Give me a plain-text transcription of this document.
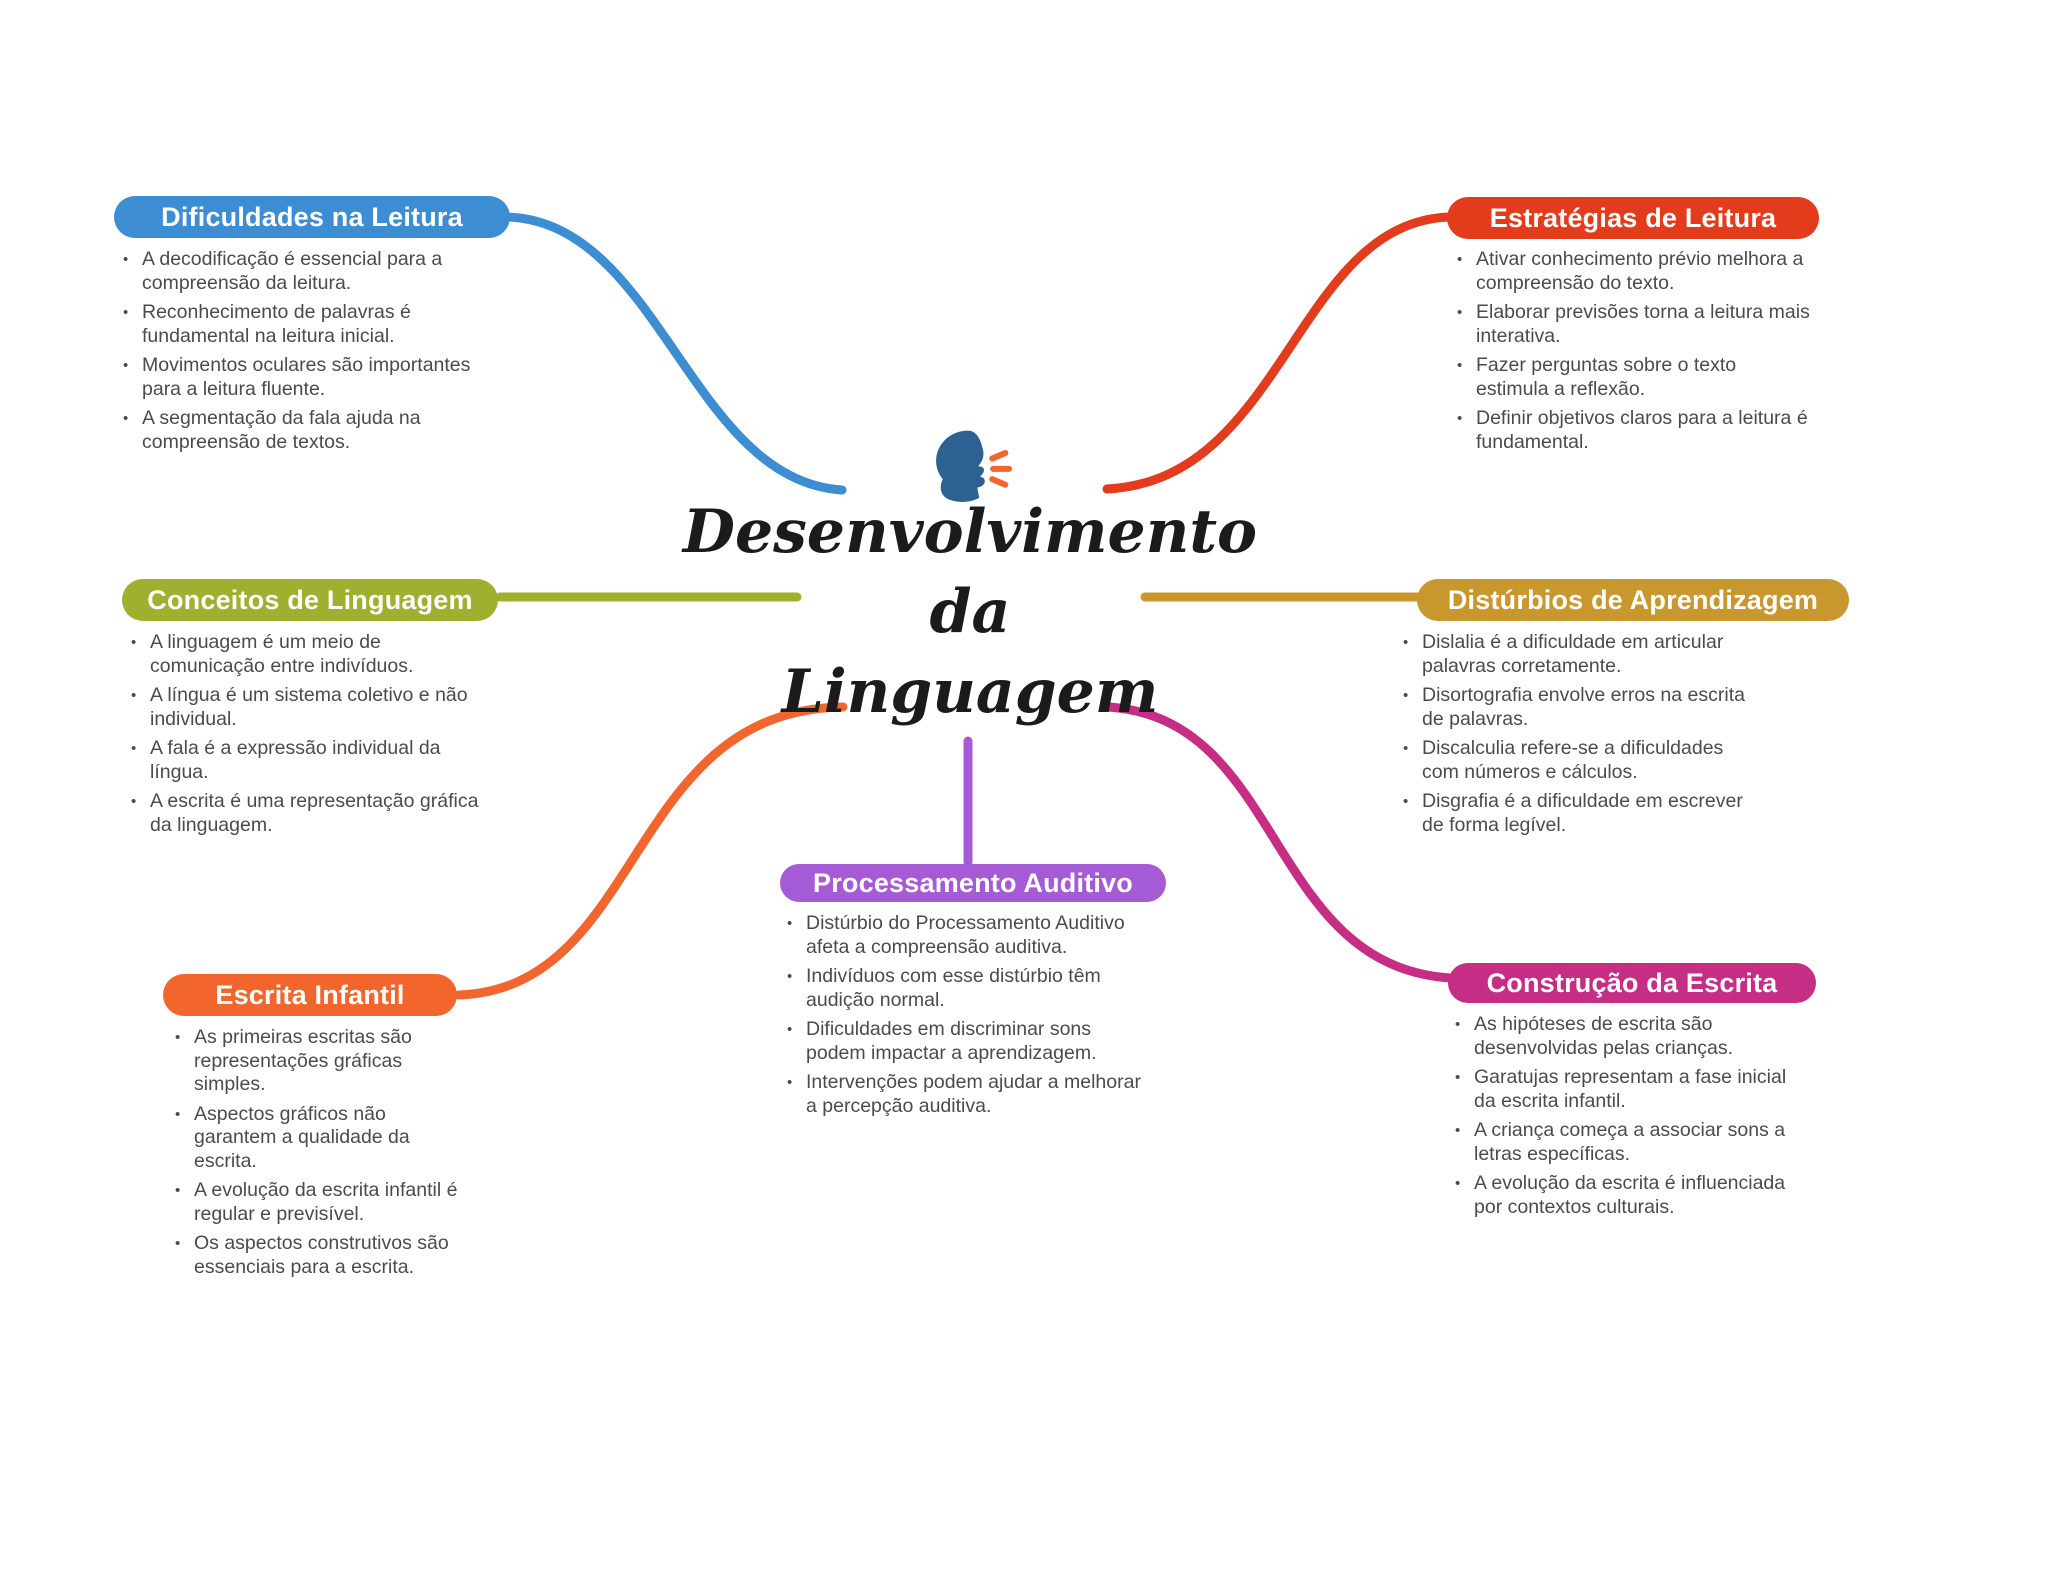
Desenvolvimento
da
Linguagem
Dificuldades na Leitura
• A decodificação é essencial para a compreensão da leitura.
• Reconhecimento de palavras é fundamental na leitura inicial.
• Movimentos oculares são importantes para a leitura fluente.
• A segmentação da fala ajuda na compreensão de textos.
Estratégias de Leitura
• Ativar conhecimento prévio melhora a compreensão do texto.
• Elaborar previsões torna a leitura mais interativa.
• Fazer perguntas sobre o texto estimula a reflexão.
• Definir objetivos claros para a leitura é fundamental.
Conceitos de Linguagem
• A linguagem é um meio de comunicação entre indivíduos.
• A língua é um sistema coletivo e não individual.
• A fala é a expressão individual da língua.
• A escrita é uma representação gráfica da linguagem.
Distúrbios de Aprendizagem
• Dislalia é a dificuldade em articular palavras corretamente.
• Disortografia envolve erros na escrita de palavras.
• Discalculia refere-se a dificuldades com números e cálculos.
• Disgrafia é a dificuldade em escrever de forma legível.
Escrita Infantil
• As primeiras escritas são representações gráficas simples.
• Aspectos gráficos não garantem a qualidade da escrita.
• A evolução da escrita infantil é regular e previsível.
• Os aspectos construtivos são essenciais para a escrita.
Processamento Auditivo
• Distúrbio do Processamento Auditivo afeta a compreensão auditiva.
• Indivíduos com esse distúrbio têm audição normal.
• Dificuldades em discriminar sons podem impactar a aprendizagem.
• Intervenções podem ajudar a melhorar a percepção auditiva.
Construção da Escrita
• As hipóteses de escrita são desenvolvidas pelas crianças.
• Garatujas representam a fase inicial da escrita infantil.
• A criança começa a associar sons a letras específicas.
• A evolução da escrita é influenciada por contextos culturais.
